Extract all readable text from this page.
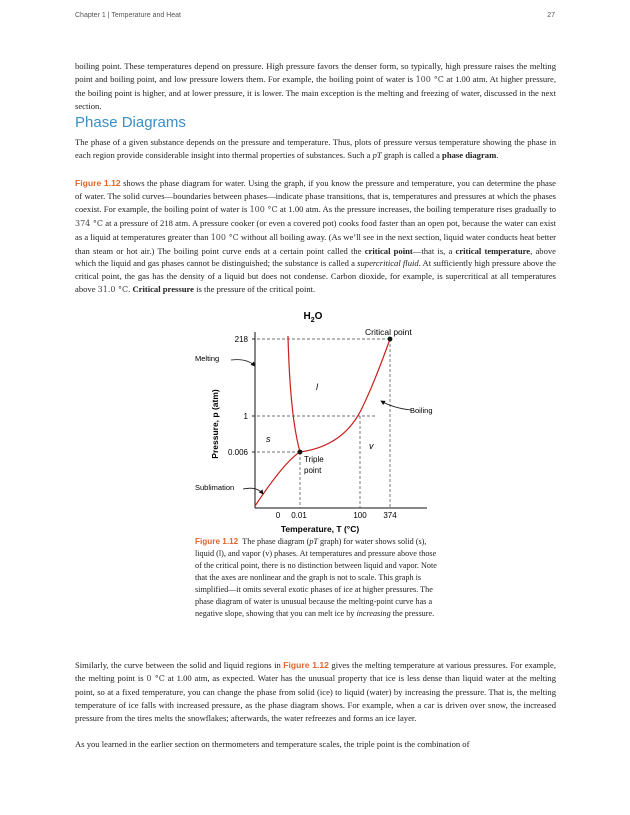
Chapter 1 | Temperature and Heat	27

boiling point. These temperatures depend on pressure. High pressure favors the denser form, so typically, high pressure raises the melting point and boiling point, and low pressure lowers them. For example, the boiling point of water is 100 °C at 1.00 atm. At higher pressure, the boiling point is higher, and at lower pressure, it is lower. The main exception is the melting and freezing of water, discussed in the next section.

Phase Diagrams

The phase of a given substance depends on the pressure and temperature. Thus, plots of pressure versus temperature showing the phase in each region provide considerable insight into thermal properties of substances. Such a pT graph is called a phase diagram.

Figure 1.12 shows the phase diagram for water. Using the graph, if you know the pressure and temperature, you can determine the phase of water. The solid curves—boundaries between phases—indicate phase transitions, that is, temperatures and pressures at which the phases coexist. For example, the boiling point of water is 100 °C at 1.00 atm. As the pressure increases, the boiling temperature rises gradually to 374 °C at a pressure of 218 atm. A pressure cooker (or even a covered pot) cooks food faster than an open pot, because the water can exist as a liquid at temperatures greater than 100 °C without all boiling away. (As we’ll see in the next section, liquid water conducts heat better than steam or hot air.) The boiling point curve ends at a certain point called the critical point—that is, a critical temperature, above which the liquid and gas phases cannot be distinguished; the substance is called a supercritical fluid. At sufficiently high pressure above the critical point, the gas has the density of a liquid but does not condense. Carbon dioxide, for example, is supercritical at all temperatures above 31.0 °C. Critical pressure is the pressure of the critical point.

$H_2O$
Critical point
Melting
Boiling
Sublimation
Triple
point
l
s
v
218
1
0.006
0 0.01	100 374
Temperature, T (°C)
Pressure, p (atm)

Figure 1.12 The phase diagram (pT graph) for water shows solid (s), liquid (l), and vapor (v) phases. At temperatures and pressure above those of the critical point, there is no distinction between liquid and vapor. Note that the axes are nonlinear and the graph is not to scale. This graph is simplified—it omits several exotic phases of ice at higher pressures. The phase diagram of water is unusual because the melting-point curve has a negative slope, showing that you can melt ice by increasing the pressure.

Similarly, the curve between the solid and liquid regions in Figure 1.12 gives the melting temperature at various pressures. For example, the melting point is 0 °C at 1.00 atm, as expected. Water has the unusual property that ice is less dense than liquid water at the melting point, so at a fixed temperature, you can change the phase from solid (ice) to liquid (water) by increasing the pressure. That is, the melting temperature of ice falls with increased pressure, as the phase diagram shows. For example, when a car is driven over snow, the increased pressure from the tires melts the snowflakes; afterwards, the water refreezes and forms an ice layer.

As you learned in the earlier section on thermometers and temperature scales, the triple point is the combination of
